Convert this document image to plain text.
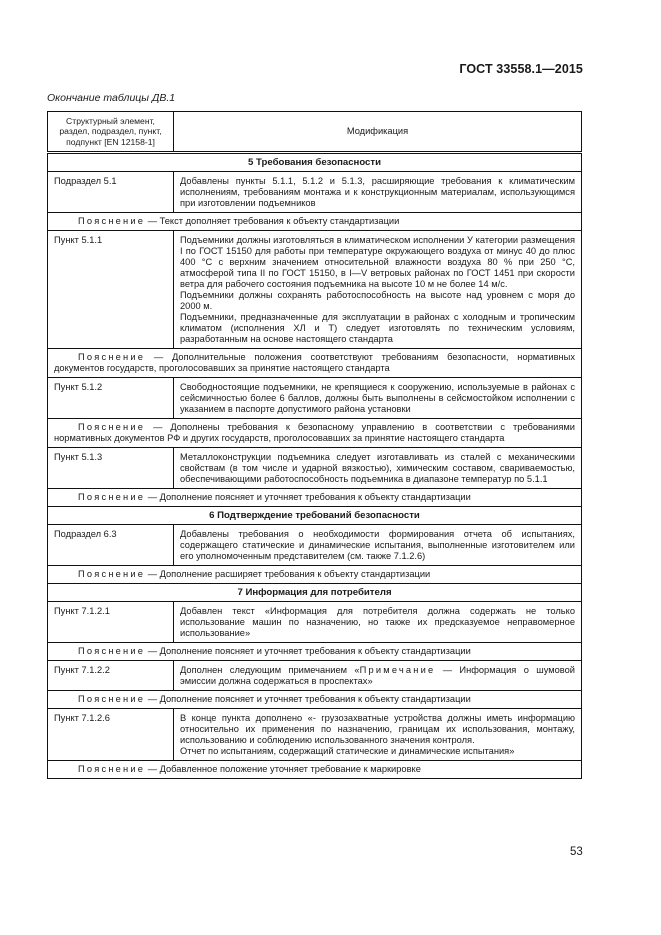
ГОСТ 33558.1—2015
Окончание таблицы ДВ.1
Структурный элемент, раздел, подраздел, пункт, подпункт [EN 12158-1]	Модификация
5 Требования безопасности	
Подраздел 5.1	Добавлены пункты 5.1.1, 5.1.2 и 5.1.3, расширяющие требования к климатическим исполнениям, требованиям монтажа и к конструкционным материалам, использующимся при изготовлении подъемников
Пояснение — Текст дополняет требования к объекту стандартизации	
Пункт 5.1.1	Подъемники должны изготовляться в климатическом исполнении У категории размещения I по ГОСТ 15150 для работы при температуре окружающего воздуха от минус 40 до плюс 400 °С с верхним значением относительной влажности воздуха 80 % при 250 °С, атмосферой типа II по ГОСТ 15150, в I—V ветровых районах по ГОСТ 1451 при скорости ветра для рабочего состояния подъемника на высоте 10 м не более 14 м/с.
Подъемники должны сохранять работоспособность на высоте над уровнем с моря до 2000 м.
Подъемники, предназначенные для эксплуатации в районах с холодным и тропическим климатом (исполнения ХЛ и Т) следует изготовлять по техническим условиям, разработанным на основе настоящего стандарта

Пояснение — Дополнительные положения соответствуют требованиям безопасности, нормативных документов государств, проголосовавших за принятие настоящего стандарта	
Пункт 5.1.2	Свободностоящие подъемники, не крепящиеся к сооружению, используемые в районах с сейсмичностью более 6 баллов, должны быть выполнены в сейсмостойком исполнении с указанием в паспорте допустимого района установки
Пояснение — Дополнены требования к безопасному управлению в соответствии с требованиями нормативных документов РФ и других государств, проголосовавших за принятие настоящего стандарта	
Пункт 5.1.3	Металлоконструкции подъемника следует изготавливать из сталей с механическими свойствам (в том числе и ударной вязкостью), химическим составом, свариваемостью, обеспечивающими работоспособность подъемника в диапазоне температур по 5.1.1
Пояснение — Дополнение поясняет и уточняет требования к объекту стандартизации	
6 Подтверждение требований безопасности	
Подраздел 6.3	Добавлены требования о необходимости формирования отчета об испытаниях, содержащего статические и динамические испытания, выполненные изготовителем или его уполномоченным представителем (см. также 7.1.2.6)
Пояснение — Дополнение расширяет требования к объекту стандартизации	
7 Информация для потребителя	
Пункт 7.1.2.1	Добавлен текст «Информация для потребителя должна содержать не только использование машин по назначению, но также их предсказуемое неправомерное использование»
Пояснение — Дополнение поясняет и уточняет требования к объекту стандартизации	
Пункт 7.1.2.2	Дополнен следующим примечанием «Примечание — Информация о шумовой эмиссии должна содержаться в проспектах»
Пояснение — Дополнение поясняет и уточняет требования к объекту стандартизации	
Пункт 7.1.2.6	В конце пункта дополнено «- грузозахватные устройства должны иметь информацию относительно их применения по назначению, границам их использования, монтажу, использованию и соблюдению использованного значения контроля.
Отчет по испытаниям, содержащий статические и динамические испытания»

Пояснение — Добавленное положение уточняет требование к маркировке	
53
